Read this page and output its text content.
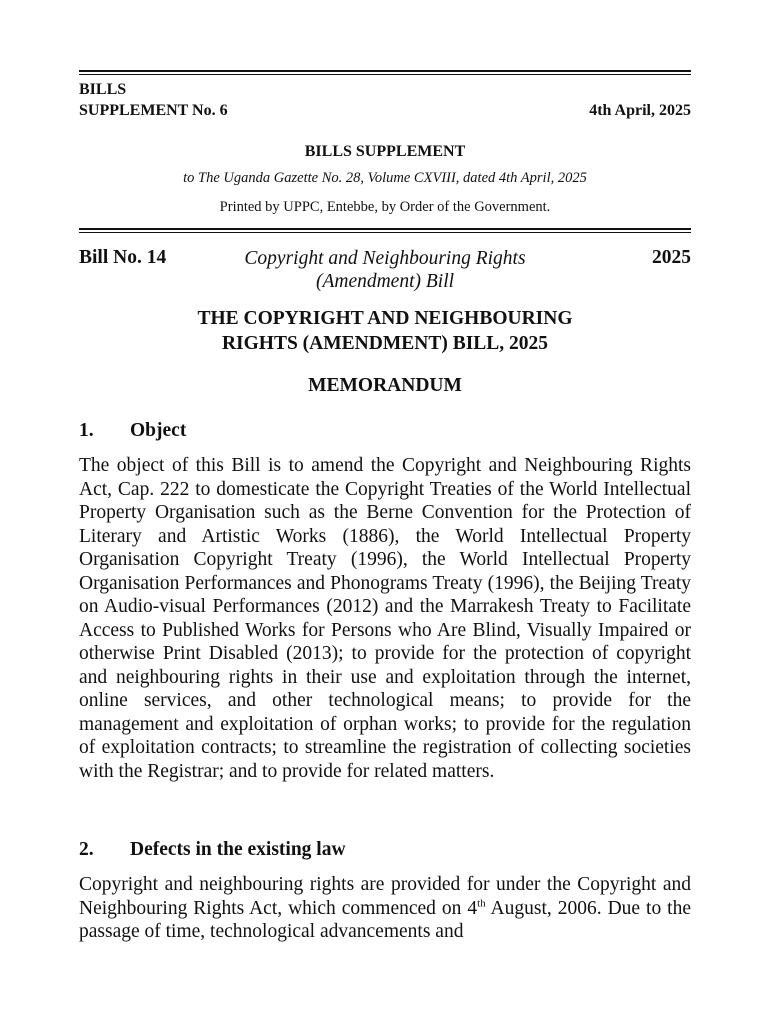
BILLS
SUPPLEMENT No. 6	4th April, 2025
BILLS SUPPLEMENT
to The Uganda Gazette No. 28, Volume CXVIII, dated 4th April, 2025
Printed by UPPC, Entebbe, by Order of the Government.
Bill No. 14	Copyright and Neighbouring Rights
(Amendment) Bill
2025
THE COPYRIGHT AND NEIGHBOURING
RIGHTS (AMENDMENT) BILL, 2025
MEMORANDUM
1. Object
The object of this Bill is to amend the Copyright and Neighbouring Rights Act, Cap. 222 to domesticate the Copyright Treaties of the World Intellectual Property Organisation such as the Berne Convention for the Protection of Literary and Artistic Works (1886), the World Intellectual Property Organisation Copyright Treaty (1996), the World Intellectual Property Organisation Performances and Phonograms Treaty (1996), the Beijing Treaty on Audio-visual Performances (2012) and the Marrakesh Treaty to Facilitate Access to Published Works for Persons who Are Blind, Visually Impaired or otherwise Print Disabled (2013); to provide for the protection of copyright and neighbouring rights in their use and exploitation through the internet, online services, and other technological means; to provide for the management and exploitation of orphan works; to provide for the regulation of exploitation contracts; to streamline the registration of collecting societies with the Registrar; and to provide for related matters.
2. Defects in the existing law
Copyright and neighbouring rights are provided for under the Copyright and Neighbouring Rights Act, which commenced on 4th August, 2006. Due to the passage of time, technological advancements and
